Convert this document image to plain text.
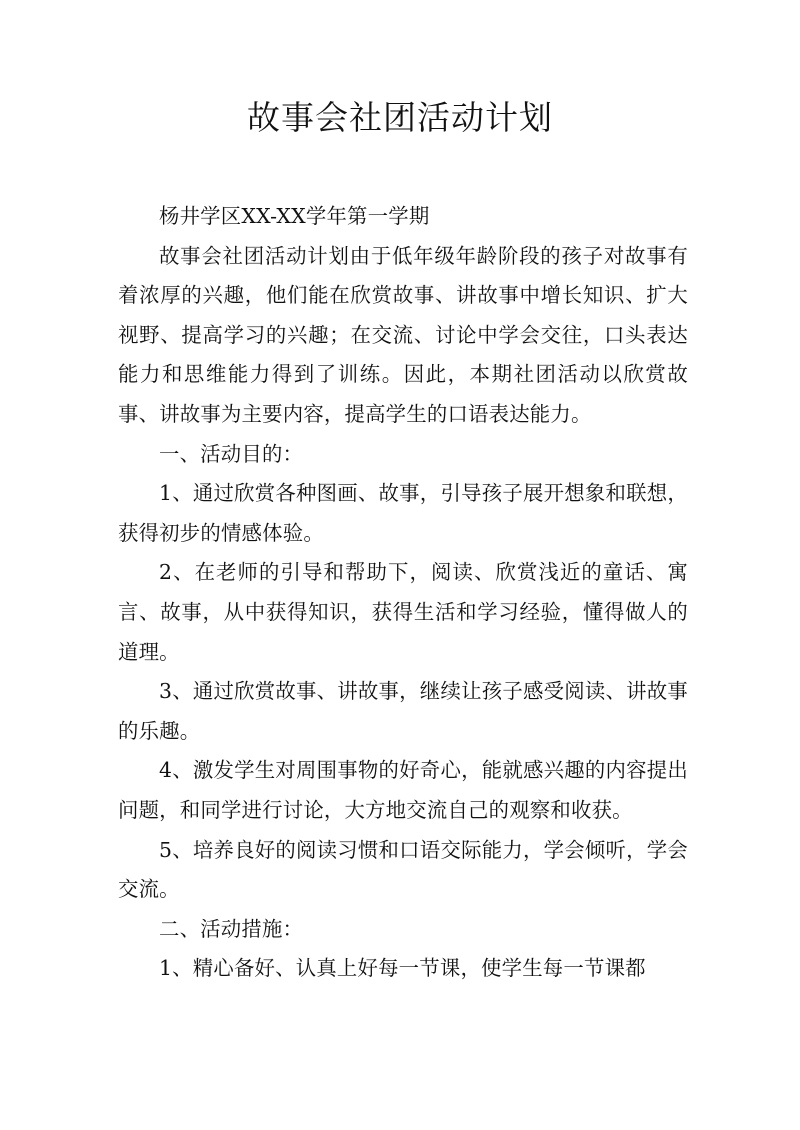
故事会社团活动计划

杨井学区XX-XX学年第一学期

故事会社团活动计划由于低年级年龄阶段的孩子对故事有着浓厚的兴趣，他们能在欣赏故事、讲故事中增长知识、扩大视野、提高学习的兴趣；在交流、讨论中学会交往，口头表达能力和思维能力得到了训练。因此，本期社团活动以欣赏故事、讲故事为主要内容，提高学生的口语表达能力。

一、活动目的：

1、通过欣赏各种图画、故事，引导孩子展开想象和联想，获得初步的情感体验。

2、在老师的引导和帮助下，阅读、欣赏浅近的童话、寓言、故事，从中获得知识，获得生活和学习经验，懂得做人的道理。

3、通过欣赏故事、讲故事，继续让孩子感受阅读、讲故事的乐趣。

4、激发学生对周围事物的好奇心，能就感兴趣的内容提出问题，和同学进行讨论，大方地交流自己的观察和收获。

5、培养良好的阅读习惯和口语交际能力，学会倾听，学会交流。

二、活动措施：

1、精心备好、认真上好每一节课，使学生每一节课都
